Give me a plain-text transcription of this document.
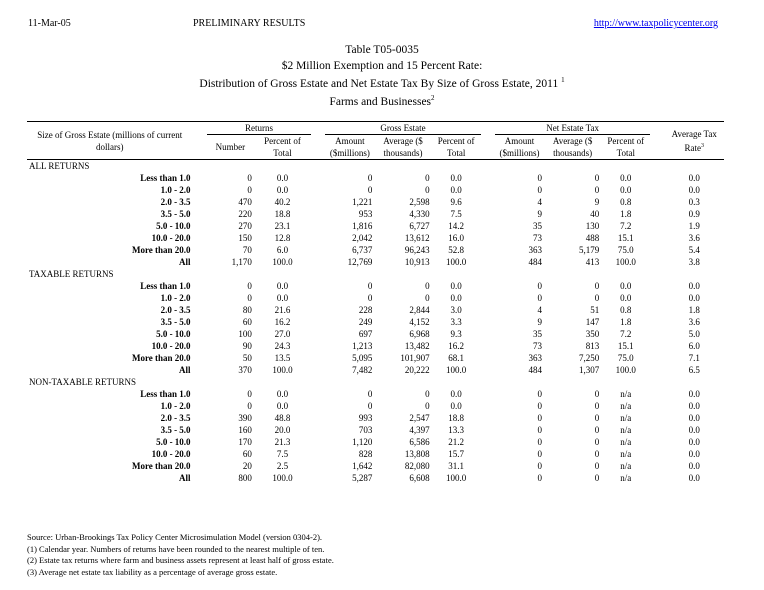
11-Mar-05	PRELIMINARY RESULTS	http://www.taxpolicycenter.org
Table T05-0035
$2 Million Exemption and 15 Percent Rate:
Distribution of Gross Estate and Net Estate Tax By Size of Gross Estate, 2011 $^1$
Farms and Businesses$^2$
Size of Gross Estate (millions of current dollars)		Returns			Gross Estate				Net Estate Tax				Average Tax Rate$^3$
		Number	Percent of Total		Amount ($millions)	Average ($ thousands)	Percent of Total		Amount ($millions)	Average ($ thousands)	Percent of Total		
ALL RETURNS													
Less than 1.0		0	0.0		0	0	0.0		0	0	0.0		0.0
1.0 - 2.0		0	0.0		0	0	0.0		0	0	0.0		0.0
2.0 - 3.5		470	40.2		1,221	2,598	9.6		4	9	0.8		0.3
3.5 - 5.0		220	18.8		953	4,330	7.5		9	40	1.8		0.9
5.0 - 10.0		270	23.1		1,816	6,727	14.2		35	130	7.2		1.9
10.0 - 20.0		150	12.8		2,042	13,612	16.0		73	488	15.1		3.6
More than 20.0		70	6.0		6,737	96,243	52.8		363	5,179	75.0		5.4
All		1,170	100.0		12,769	10,913	100.0		484	413	100.0		3.8
TAXABLE RETURNS													
Less than 1.0		0	0.0		0	0	0.0		0	0	0.0		0.0
1.0 - 2.0		0	0.0		0	0	0.0		0	0	0.0		0.0
2.0 - 3.5		80	21.6		228	2,844	3.0		4	51	0.8		1.8
3.5 - 5.0		60	16.2		249	4,152	3.3		9	147	1.8		3.6
5.0 - 10.0		100	27.0		697	6,968	9.3		35	350	7.2		5.0
10.0 - 20.0		90	24.3		1,213	13,482	16.2		73	813	15.1		6.0
More than 20.0		50	13.5		5,095	101,907	68.1		363	7,250	75.0		7.1
All		370	100.0		7,482	20,222	100.0		484	1,307	100.0		6.5
NON-TAXABLE RETURNS													
Less than 1.0		0	0.0		0	0	0.0		0	0	n/a		0.0
1.0 - 2.0		0	0.0		0	0	0.0		0	0	n/a		0.0
2.0 - 3.5		390	48.8		993	2,547	18.8		0	0	n/a		0.0
3.5 - 5.0		160	20.0		703	4,397	13.3		0	0	n/a		0.0
5.0 - 10.0		170	21.3		1,120	6,586	21.2		0	0	n/a		0.0
10.0 - 20.0		60	7.5		828	13,808	15.7		0	0	n/a		0.0
More than 20.0		20	2.5		1,642	82,080	31.1		0	0	n/a		0.0
All		800	100.0		5,287	6,608	100.0		0	0	n/a		0.0
Source: Urban-Brookings Tax Policy Center Microsimulation Model (version 0304-2).
(1) Calendar year. Numbers of returns have been rounded to the nearest multiple of ten.
(2) Estate tax returns where farm and business assets represent at least half of gross estate.
(3) Average net estate tax liability as a percentage of average gross estate.
